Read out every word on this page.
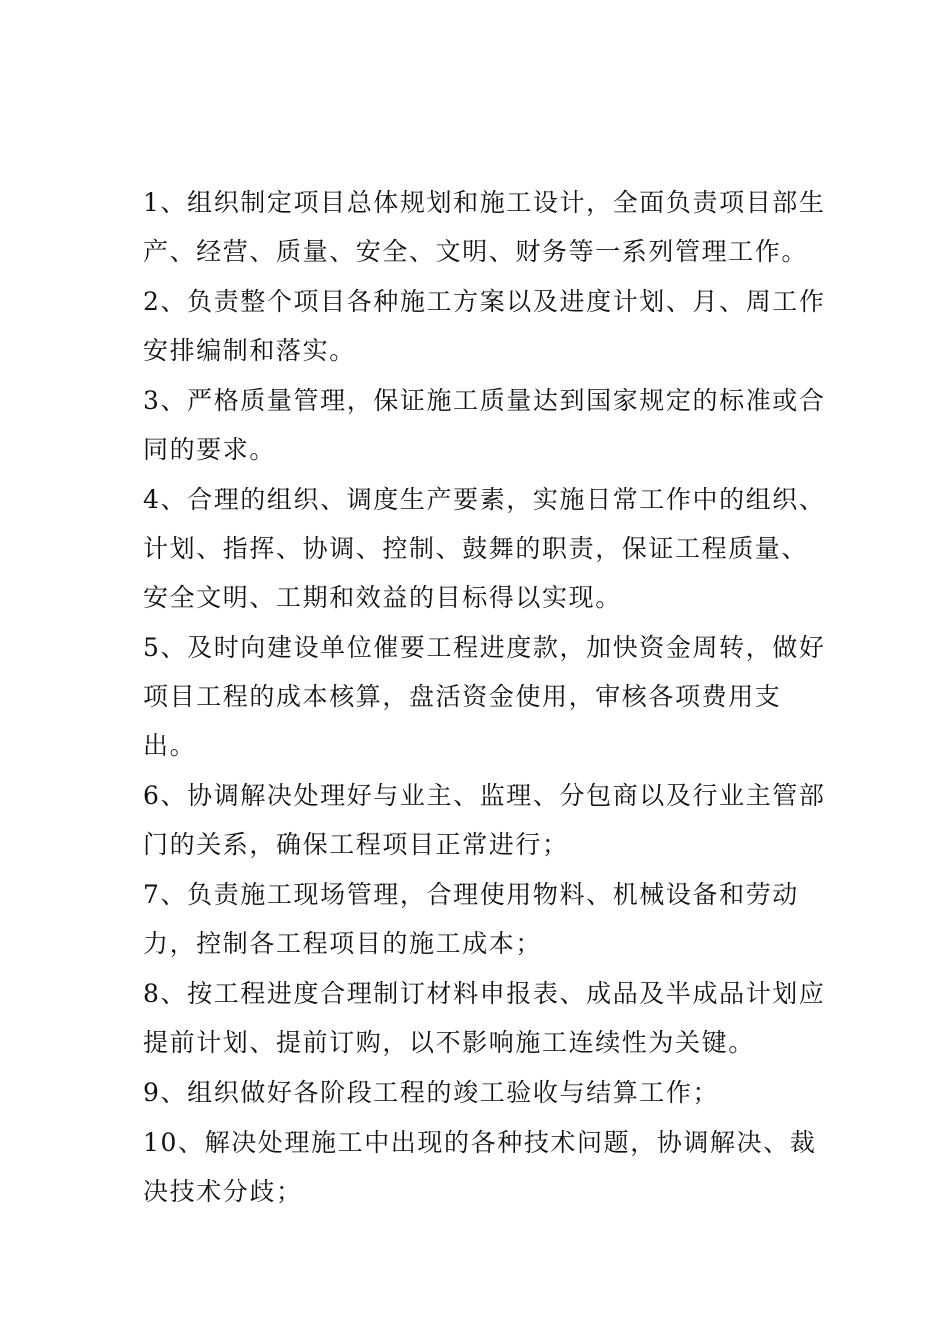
1、组织制定项目总体规划和施工设计，全面负责项目部生产、经营、质量、安全、文明、财务等一系列管理工作。

2、负责整个项目各种施工方案以及进度计划、月、周工作安排编制和落实。

3、严格质量管理，保证施工质量达到国家规定的标准或合同的要求。

4、合理的组织、调度生产要素，实施日常工作中的组织、计划、指挥、协调、控制、鼓舞的职责，保证工程质量、安全文明、工期和效益的目标得以实现。

5、及时向建设单位催要工程进度款，加快资金周转，做好项目工程的成本核算，盘活资金使用，审核各项费用支出。

6、协调解决处理好与业主、监理、分包商以及行业主管部门的关系，确保工程项目正常进行；

7、负责施工现场管理，合理使用物料、机械设备和劳动力，控制各工程项目的施工成本；

8、按工程进度合理制订材料申报表、成品及半成品计划应提前计划、提前订购，以不影响施工连续性为关键。

9、组织做好各阶段工程的竣工验收与结算工作；

10、解决处理施工中出现的各种技术问题，协调解决、裁决技术分歧；
